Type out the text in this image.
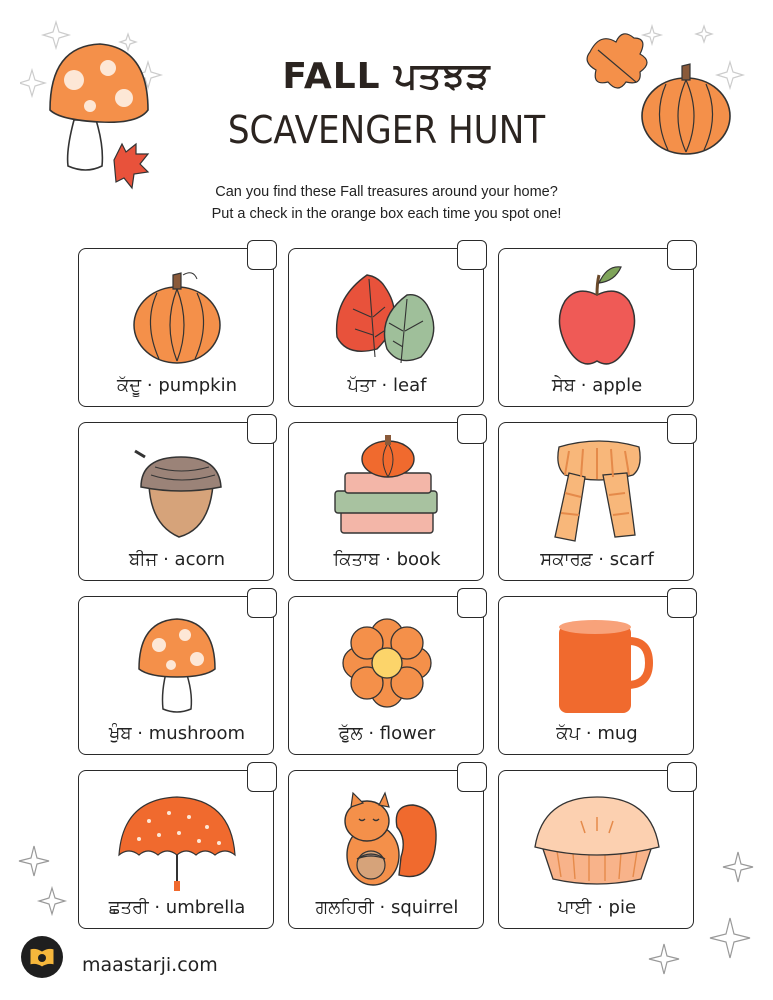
FALL ਪਤਝੜ
SCAVENGER HUNT
Can you find these Fall treasures around your home?
Put a check in the orange box each time you spot one!
ਕੱਦੂ · pumpkin	ਪੱਤਾ · leaf	ਸੇਬ · apple
ਬੀਜ · acorn	ਕਿਤਾਬ · book	ਸਕਾਰਫ਼ · scarf
ਖੁੰਬ · mushroom	ਫੁੱਲ · flower	ਕੱਪ · mug
ਛਤਰੀ · umbrella	ਗਲਹਿਰੀ · squirrel	ਪਾਈ · pie
maastarji.com
